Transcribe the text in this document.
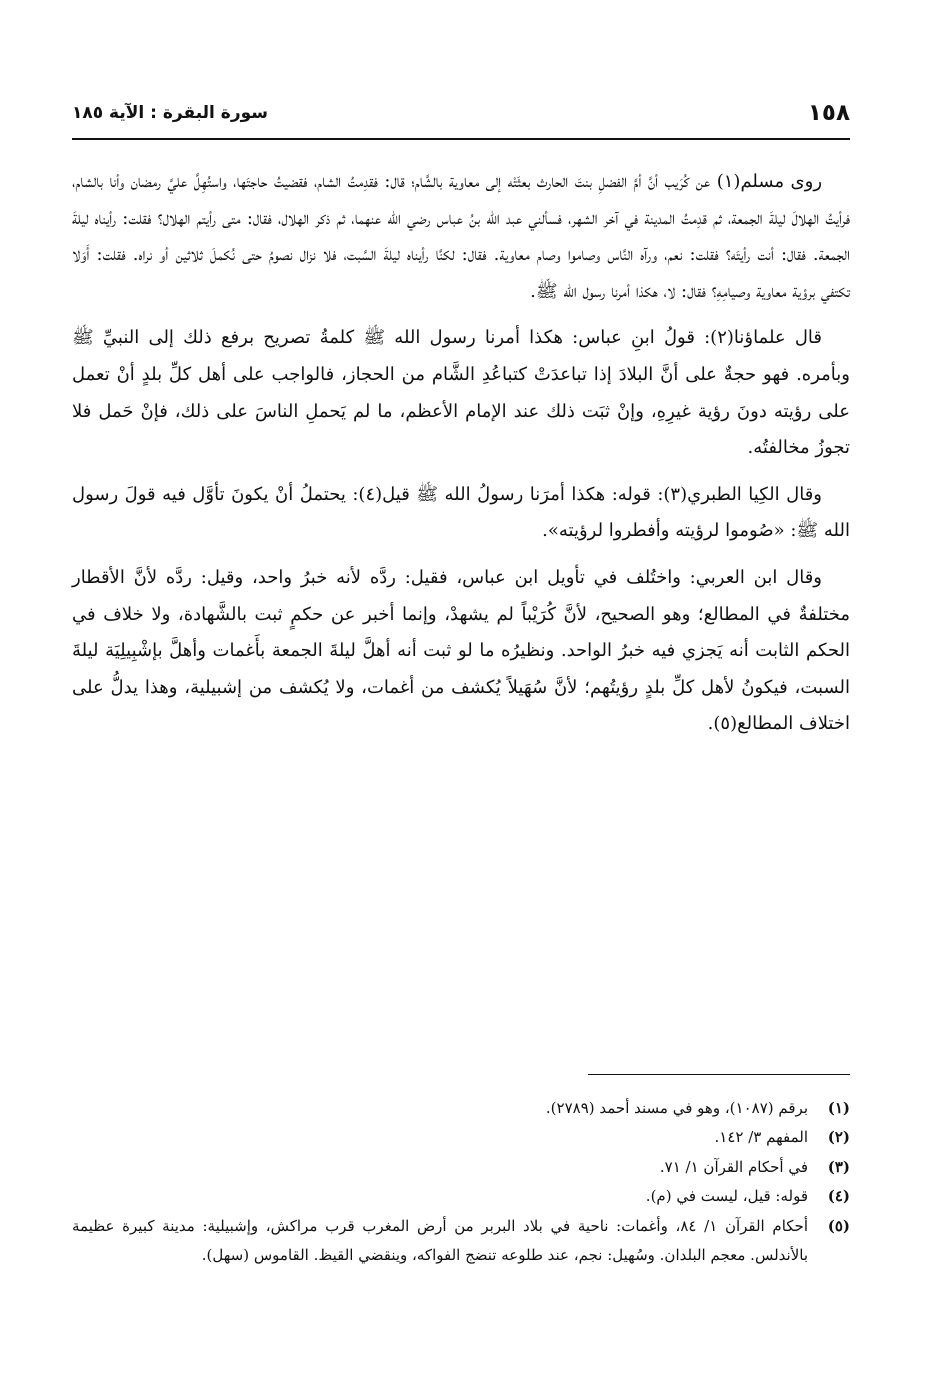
١٥٨
سورة البقرة : الآية ١٨٥

روى مسلم(١) عن كُرَيب أنَّ أمَّ الفضلِ بنتَ الحارث بعثَتْه إلى معاوية بالشَّام؛ قال: فقدِمتُ الشام، فقضيتُ حاجتَها، واستُهِلَّ عليَّ رمضان وأنا بالشام، فرأيتُ الهلالَ ليلةَ الجمعة، ثم قدِمتُ المدينة في آخر الشهر، فسألني عبد الله بنُ عباس رضي الله عنهما، ثم ذكر الهلال، فقال: متى رأيتم الهلال؟ فقلت: رأيناه ليلةَ الجمعة. فقال: أنت رأيتَه؟ فقلت: نعم، ورآه النَّاس وصاموا وصام معاوية. فقال: لكنَّا رأيناه ليلةَ السَّبت، فلا نزال نصومُ حتى نُكملَ ثلاثين أو نراه. فقلت: أَوَلا تكتفي برؤية معاوية وصيامِهِ؟ فقال: لا، هكذا أمرنا رسول الله ﷺ.

قال علماؤنا(٢): قولُ ابنِ عباس: هكذا أمرنا رسول الله ﷺ كلمةُ تصريح برفع ذلك إلى النبيِّ ﷺ وبأمره. فهو حجةٌ على أنَّ البلادَ إذا تباعدَتْ كتباعُدِ الشَّام من الحجاز، فالواجب على أهل كلِّ بلدٍ أنْ تعمل على رؤيته دونَ رؤية غيرِهِ، وإنْ ثبَت ذلك عند الإمام الأعظم، ما لم يَحملِ الناسَ على ذلك، فإنْ حَمل فلا تجوزُ مخالفتُه.

وقال الكِيا الطبري(٣): قوله: هكذا أمرَنا رسولُ الله ﷺ قيل(٤): يحتملُ أنْ يكونَ تأوَّل فيه قولَ رسول الله ﷺ: «صُوموا لرؤيته وأفطروا لرؤيته».

وقال ابن العربي: واختُلف في تأويل ابن عباس، فقيل: ردَّه لأنه خبرُ واحد، وقيل: ردَّه لأنَّ الأقطار مختلفةٌ في المطالع؛ وهو الصحيح، لأنَّ كُرَيْباً لم يشهدْ، وإنما أخبر عن حكمٍ ثبت بالشَّهادة، ولا خلاف في الحكم الثابت أنه يَجزي فيه خبرُ الواحد. ونظيرُه ما لو ثبت أنه أهلَّ ليلةَ الجمعة بأَغمات وأهلَّ بإشْبِيلِيَة ليلةَ السبت، فيكونُ لأهل كلِّ بلدٍ رؤيتُهم؛ لأنَّ سُهَيلاً يُكشف من أغمات، ولا يُكشف من إشبيلية، وهذا يدلُّ على اختلاف المطالع(٥).

(١)
برقم (١٠٨٧)، وهو في مسند أحمد (٢٧٨٩).
(٢)
المفهم ٣/ ١٤٢.
(٣)
في أحكام القرآن ١/ ٧١.
(٤)
قوله: قيل، ليست في (م).
(٥)
أحكام القرآن ١/ ٨٤، وأغمات: ناحية في بلاد البربر من أرض المغرب قرب مراكش، وإشبيلية: مدينة كبيرة عظيمة بالأندلس. معجم البلدان. وسُهيل: نجم، عند طلوعه تنضج الفواكه، وينقضي القيظ. القاموس (سهل).
